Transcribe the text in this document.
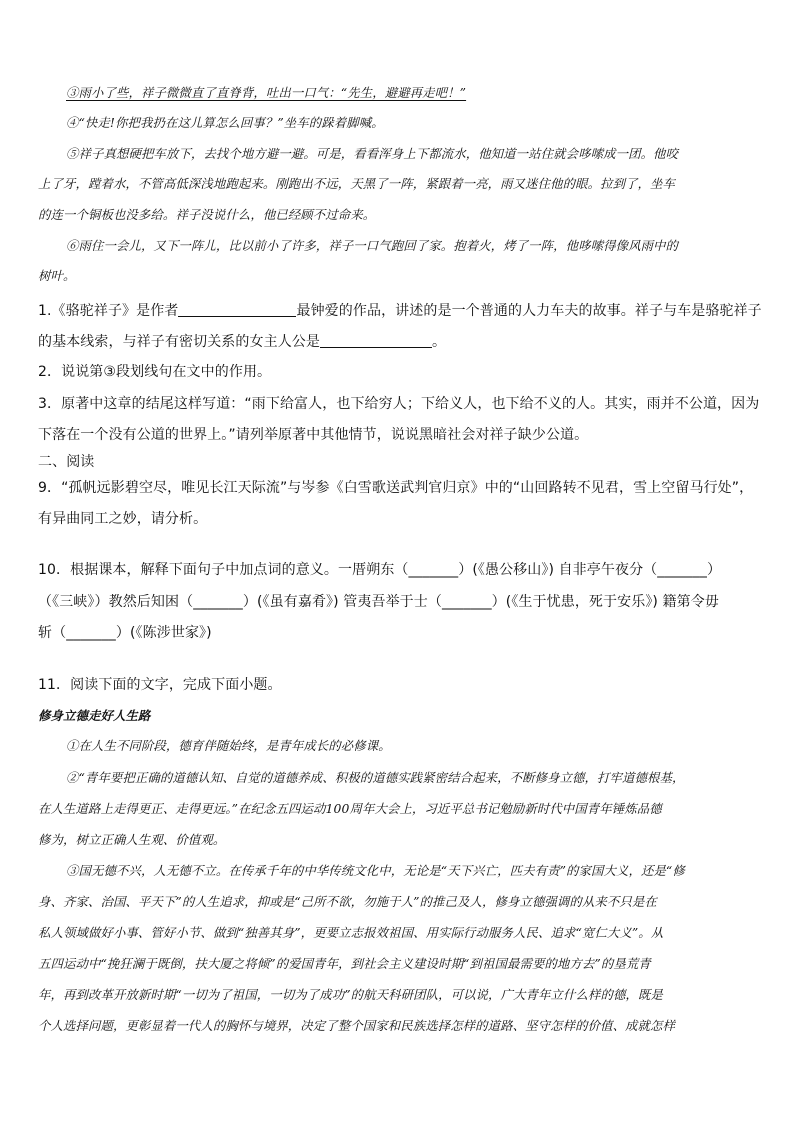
③雨小了些，祥子微微直了直脊背，吐出一口气：“先生，避避再走吧！”
④“快走!你把我扔在这儿算怎么回事？”坐车的跺着脚喊。
⑤祥子真想硬把车放下，去找个地方避一避。可是，看看浑身上下都流水，他知道一站住就会哆嗦成一团。他咬
上了牙，蹚着水，不管高低深浅地跑起来。刚跑出不远，天黑了一阵，紧跟着一亮，雨又迷住他的眼。拉到了，坐车
的连一个铜板也没多给。祥子没说什么，他已经顾不过命来。
⑥雨住一会儿，又下一阵儿，比以前小了许多，祥子一口气跑回了家。抱着火，烤了一阵，他哆嗦得像风雨中的
树叶。
1.《骆驼祥子》是作者	最钟爱的作品，讲述的是一个普通的人力车夫的故事。祥子与车是骆驼祥子
的基本线索，与祥子有密切关系的女主人公是	。
2．说说第③段划线句在文中的作用。
3．原著中这章的结尾这样写道：“雨下给富人，也下给穷人；下给义人，也下给不义的人。其实，雨并不公道，因为
下落在一个没有公道的世界上。”请列举原著中其他情节，说说黑暗社会对祥子缺少公道。
二、阅读
9．“孤帆远影碧空尽，唯见长江天际流”与岑参《白雪歌送武判官归京》中的“山回路转不见君，雪上空留马行处”，
有异曲同工之妙，请分析。
10．根据课本，解释下面句子中加点词的意义。一厝朔东（_______）(《愚公移山》) 自非亭午夜分（_______）
（《三峡》）教然后知困（_______）(《虽有嘉肴》) 管夷吾举于士（_______）(《生于忧患，死于安乐》) 籍第令毋
斩（_______）(《陈涉世家》)
11．阅读下面的文字，完成下面小题。
修身立德走好人生路
①在人生不同阶段，德育伴随始终，是青年成长的必修课。
②“青年要把正确的道德认知、自觉的道德养成、积极的道德实践紧密结合起来，不断修身立德，打牢道德根基，
在人生道路上走得更正、走得更远。”在纪念五四运动100周年大会上，习近平总书记勉励新时代中国青年锤炼品德
修为，树立正确人生观、价值观。
③国无德不兴，人无德不立。在传承千年的中华传统文化中，无论是“天下兴亡，匹夫有责”的家国大义，还是“修
身、齐家、治国、平天下”的人生追求，抑或是“己所不欲，勿施于人”的推己及人，修身立德强调的从来不只是在
私人领域做好小事、管好小节、做到“独善其身”，更要立志报效祖国、用实际行动服务人民、追求“宽仁大义”。从
五四运动中“挽狂澜于既倒，扶大厦之将倾”的爱国青年，到社会主义建设时期“到祖国最需要的地方去”的垦荒青
年，再到改革开放新时期“一切为了祖国，一切为了成功”的航天科研团队，可以说，广大青年立什么样的德，既是
个人选择问题，更彰显着一代人的胸怀与境界，决定了整个国家和民族选择怎样的道路、坚守怎样的价值、成就怎样
